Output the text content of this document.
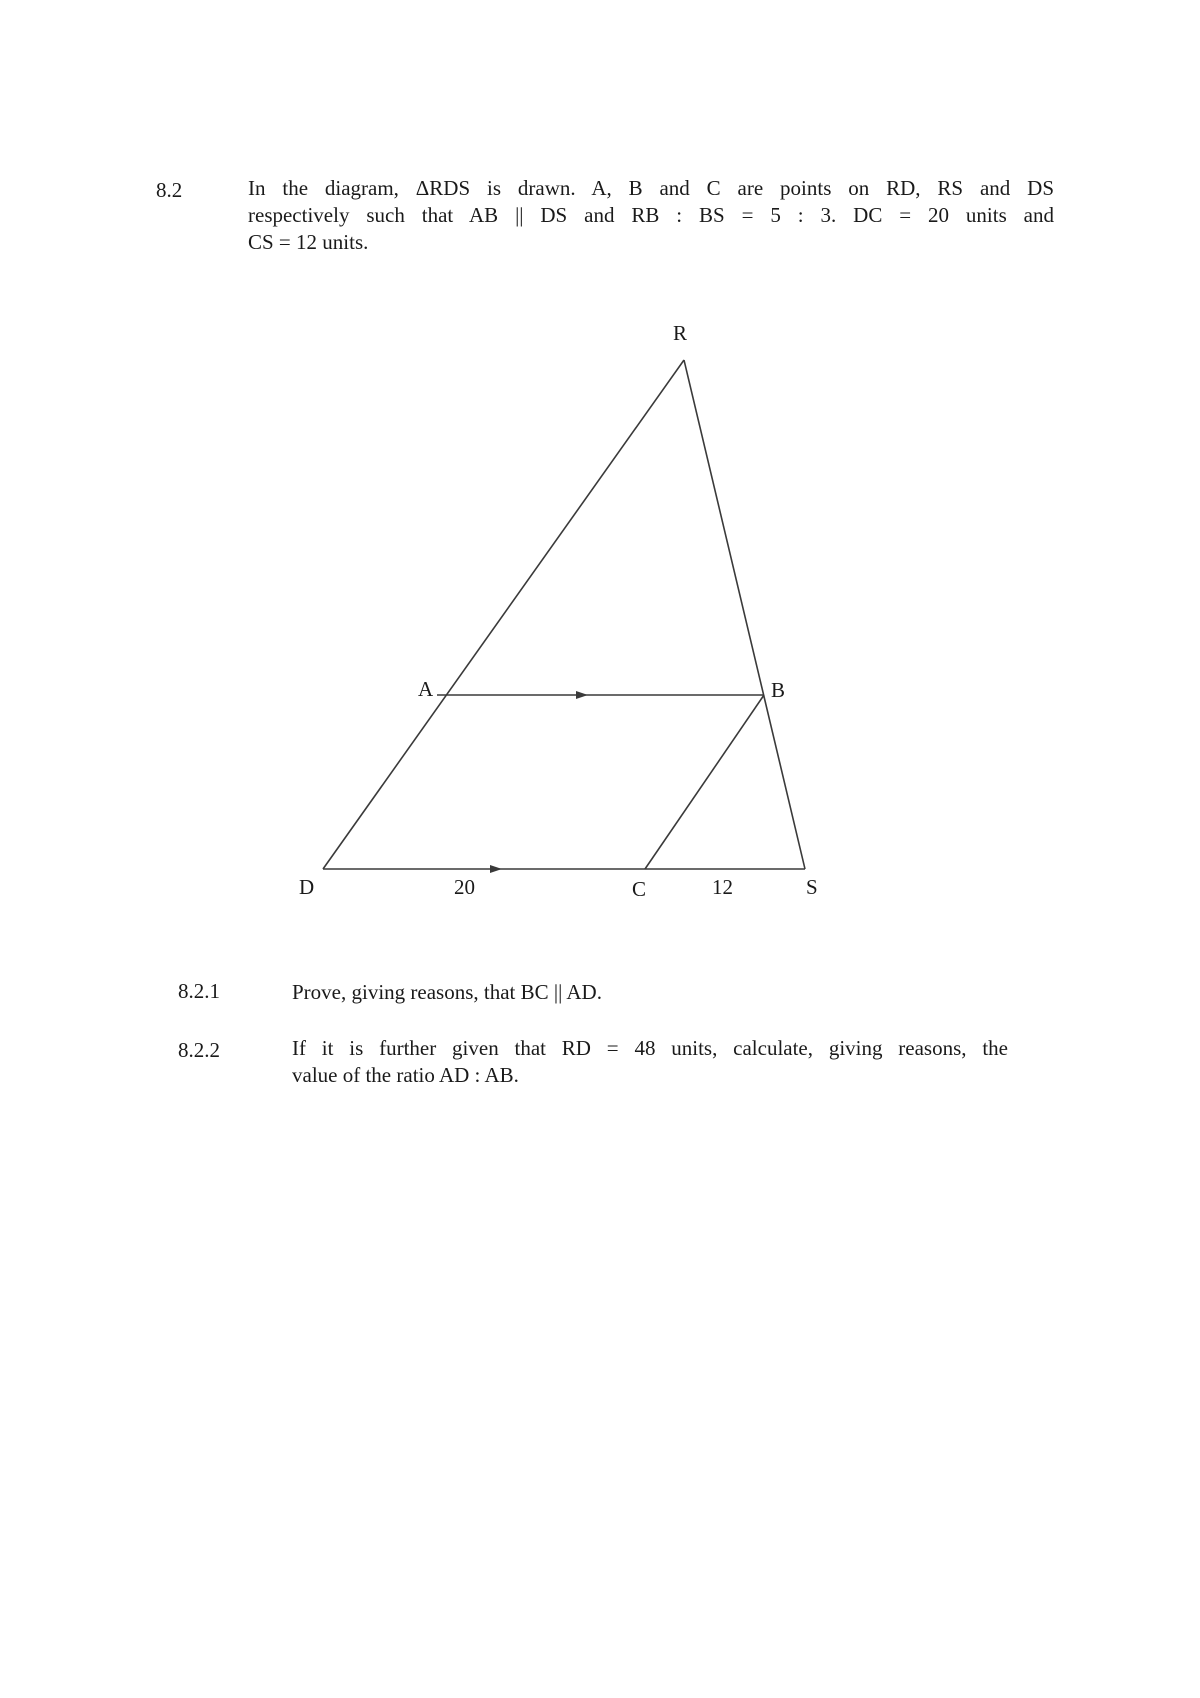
8.2	In the diagram, ΔRDS is drawn. A, B and C are points on RD, RS and DS
respectively such that AB || DS and RB : BS = 5 : 3. DC = 20 units and
CS = 12 units.
R
A	B
D	C	S
20	12
8.2.1	Prove, giving reasons, that BC || AD.
8.2.2	If it is further given that RD = 48 units, calculate, giving reasons, the
value of the ratio AD : AB.
